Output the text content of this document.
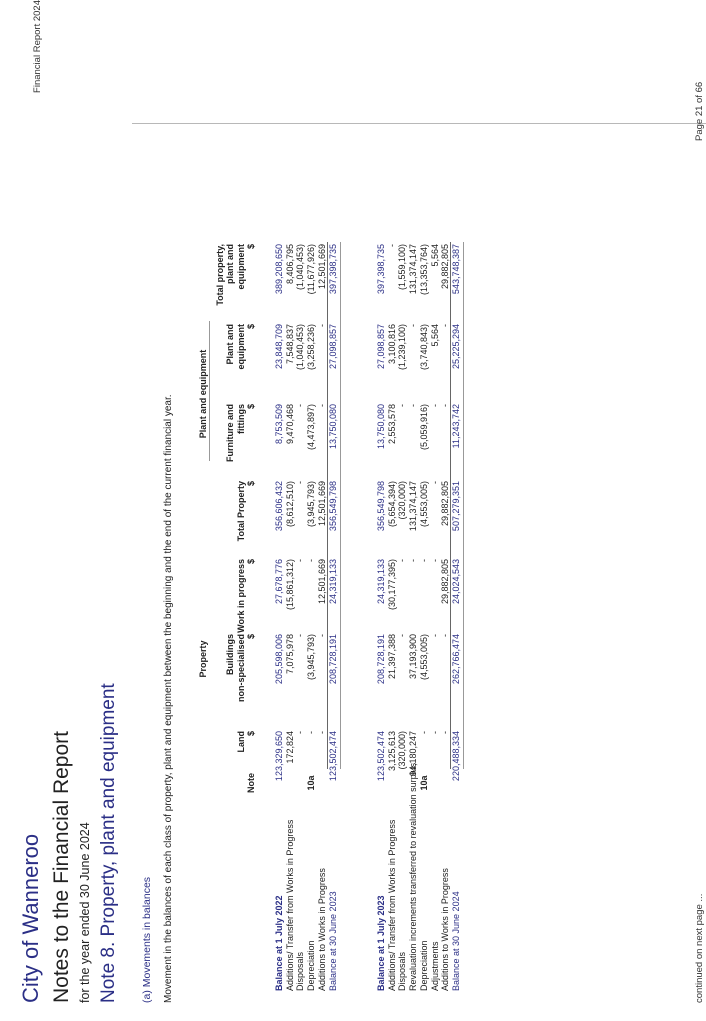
City of Wanneroo Notes to the Financial Report for the year ended 30 June 2024 Note 8. Property, plant and equipment (a) Movements in balances Movement in the balances of each class of property, plant and equipment between the beginning and the end of the current financial year.
Financial Report 2024
Property
Plant and equipment
Note
Land $
Buildings non-specialised $
Work in progress $
Total Property $
Furniture and fittings $
Plant and equipment $
Total property, plant and equipment $
Balance at 1 July 2022
123,329,650
205,598,006
27,678,776
356,606,432
8,753,509
23,848,709
389,208,650
Additions/ Transfer from Works in Progress
172,824
7,075,978
(15,861,312)
(8,612,510)
9,470,468
7,548,837
8,406,795
Disposals
-
-
-
-
-
(1,040,453)
(1,040,453)
Depreciation
10a
-
(3,945,793)
-
(3,945,793)
(4,473,897)
(3,258,236)
(11,677,926)
Additions to Works in Progress
-
-
12,501,669
12,501,669
-
-
12,501,669
Balance at 30 June 2023
123,502,474
208,728,191
24,319,133
356,549,798
13,750,080
27,098,857
397,398,735
Balance at 1 July 2023
123,502,474
208,728,191
24,319,133
356,549,798
13,750,080
27,098,857
397,398,735
Additions/ Transfer from Works in Progress
3,125,613
21,397,388
(30,177,395)
(5,654,394)
2,553,578
3,100,816
-
Disposals
(320,000)
-
-
(320,000)
-
(1,239,100)
(1,559,100)
Revaluation increments transferred to revaluation surplus
94,180,247
37,193,900
-
131,374,147
-
-
131,374,147
Depreciation
10a
-
(4,553,005)
-
(4,553,005)
(5,059,916)
(3,740,843)
(13,353,764)
Adjustments
-
-
-
-
-
5,564
5,564
Additions to Works in Progress
-
-
29,882,805
29,882,805
-
-
29,882,805
Balance at 30 June 2024
220,488,334
262,766,474
24,024,543
507,279,351
11,243,742
25,225,294
543,748,387
continued on next page ...
Page 21 of 66
